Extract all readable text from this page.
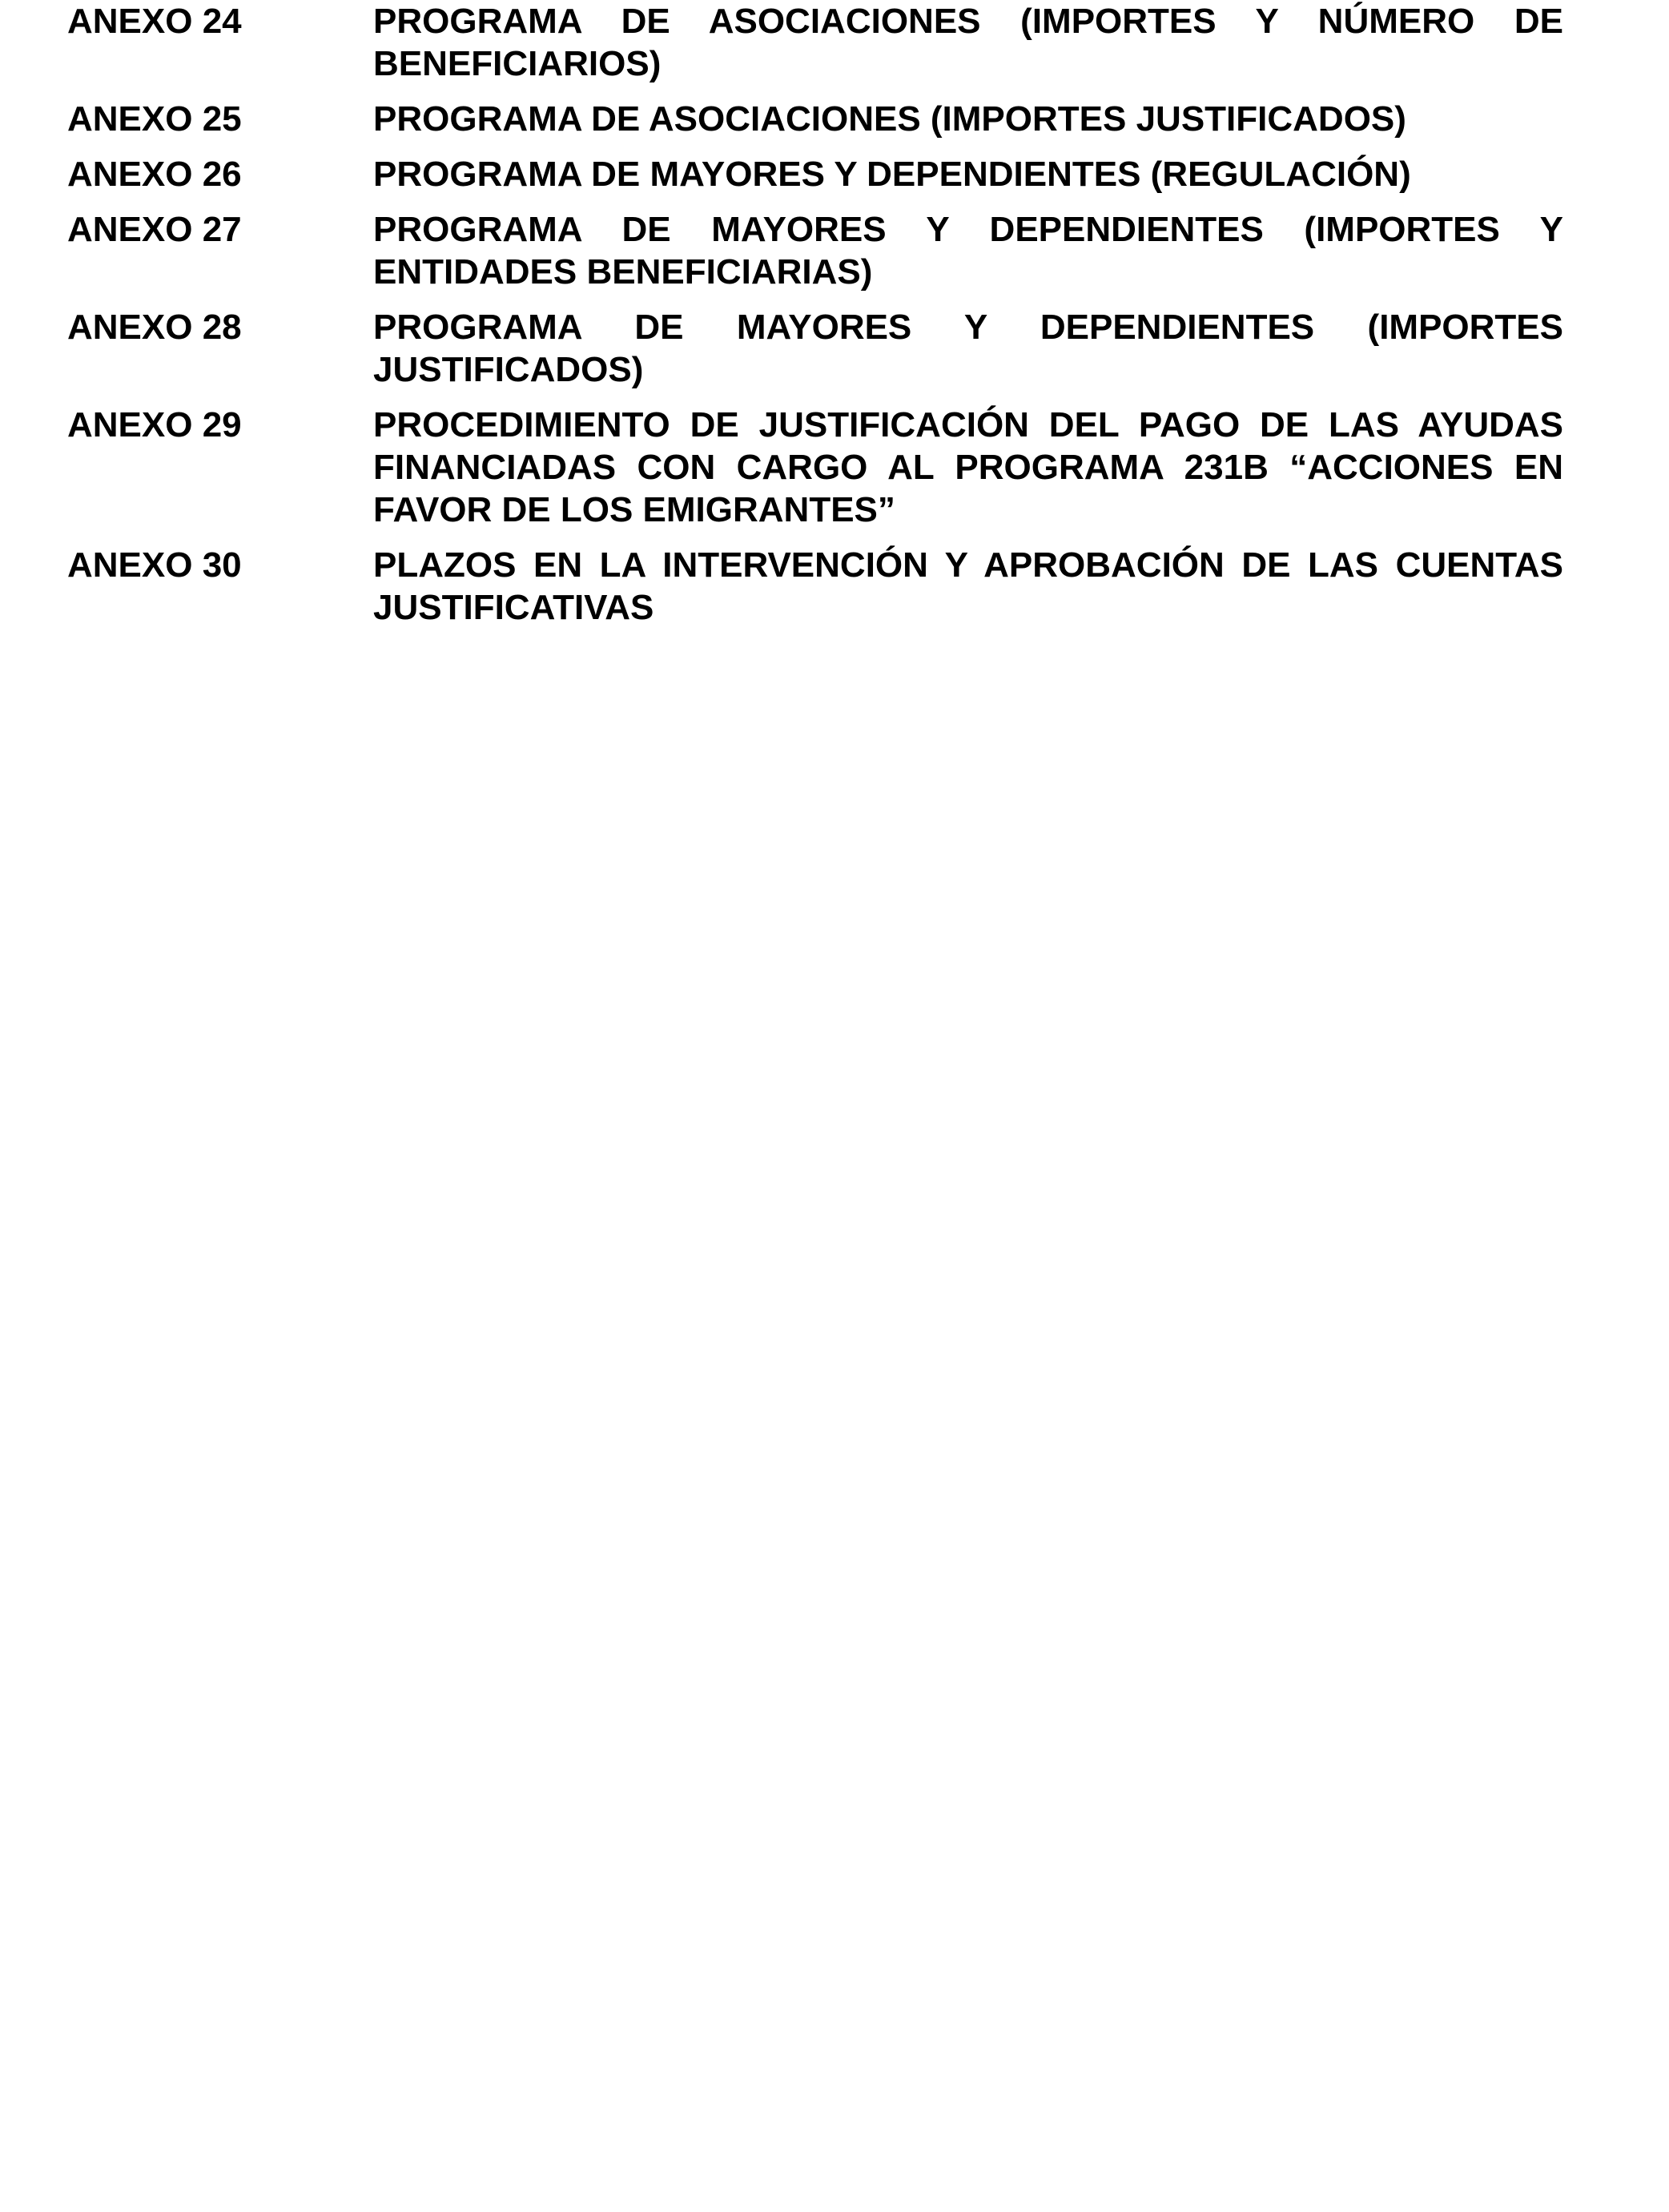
ANEXO 24	PROGRAMA DE ASOCIACIONES (IMPORTES Y NÚMERO DE BENEFICIARIOS)
ANEXO 25	PROGRAMA DE ASOCIACIONES (IMPORTES JUSTIFICADOS)
ANEXO 26	PROGRAMA DE MAYORES Y DEPENDIENTES (REGULACIÓN)
ANEXO 27	PROGRAMA DE MAYORES Y DEPENDIENTES (IMPORTES Y ENTIDADES BENEFICIARIAS)
ANEXO 28	PROGRAMA DE MAYORES Y DEPENDIENTES (IMPORTES JUSTIFICADOS)
ANEXO 29	PROCEDIMIENTO DE JUSTIFICACIÓN DEL PAGO DE LAS AYUDAS FINANCIADAS CON CARGO AL PROGRAMA 231B “ACCIONES EN FAVOR DE LOS EMIGRANTES”
ANEXO 30	PLAZOS EN LA INTERVENCIÓN Y APROBACIÓN DE LAS CUENTAS JUSTIFICATIVAS
